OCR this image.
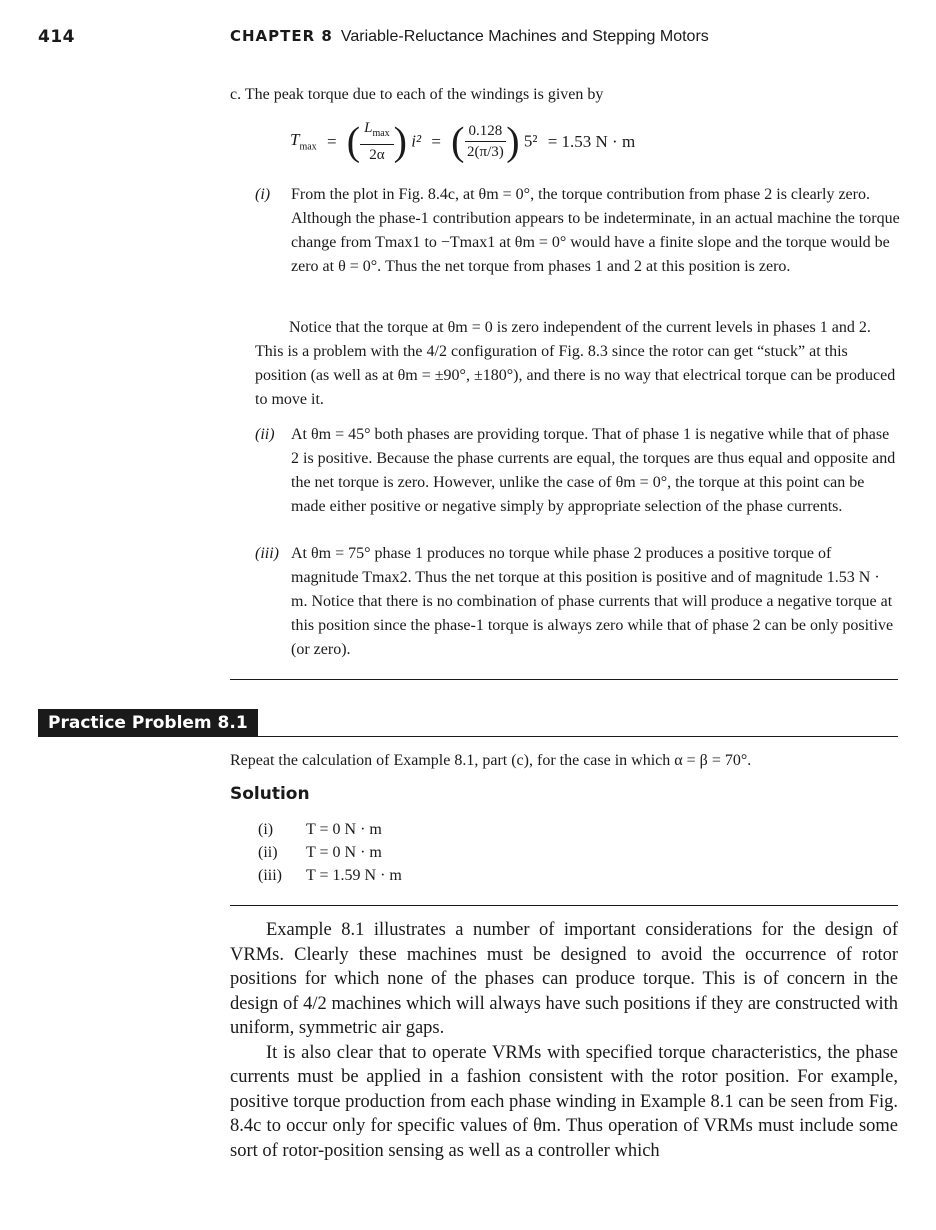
414	CHAPTER 8 Variable-Reluctance Machines and Stepping Motors

c. The peak torque due to each of the windings is given by

$T_{max}$ = ( $\frac{L_{max}}{2\alpha}$ ) i² = ( $\frac{0.128}{2(\pi/3)}$ ) 5² = 1.53 N · m
(i) From the plot in Fig. 8.4c, at θm = 0°, the torque contribution from phase 2 is clearly zero. Although the phase-1 contribution appears to be indeterminate, in an actual machine the torque change from Tmax1 to −Tmax1 at θm = 0° would have a finite slope and the torque would be zero at θ = 0°. Thus the net torque from phases 1 and 2 at this position is zero.

Notice that the torque at θm = 0 is zero independent of the current levels in phases 1 and 2. This is a problem with the 4/2 configuration of Fig. 8.3 since the rotor can get “stuck” at this position (as well as at θm = ±90°, ±180°), and there is no way that electrical torque can be produced to move it.

(ii) At θm = 45° both phases are providing torque. That of phase 1 is negative while that of phase 2 is positive. Because the phase currents are equal, the torques are thus equal and opposite and the net torque is zero. However, unlike the case of θm = 0°, the torque at this point can be made either positive or negative simply by appropriate selection of the phase currents.
(iii) At θm = 75° phase 1 produces no torque while phase 2 produces a positive torque of magnitude Tmax2. Thus the net torque at this position is positive and of magnitude 1.53 N · m. Notice that there is no combination of phase currents that will produce a negative torque at this position since the phase-1 torque is always zero while that of phase 2 can be only positive (or zero).
Practice Problem 8.1

Repeat the calculation of Example 8.1, part (c), for the case in which α = β = 70°.

Solution
(i) T = 0 N · m
(ii) T = 0 N · m
(iii) T = 1.59 N · m

Example 8.1 illustrates a number of important considerations for the design of VRMs. Clearly these machines must be designed to avoid the occurrence of rotor positions for which none of the phases can produce torque. This is of concern in the design of 4/2 machines which will always have such positions if they are constructed with uniform, symmetric air gaps.

It is also clear that to operate VRMs with specified torque characteristics, the phase currents must be applied in a fashion consistent with the rotor position. For example, positive torque production from each phase winding in Example 8.1 can be seen from Fig. 8.4c to occur only for specific values of θm. Thus operation of VRMs must include some sort of rotor-position sensing as well as a controller which
